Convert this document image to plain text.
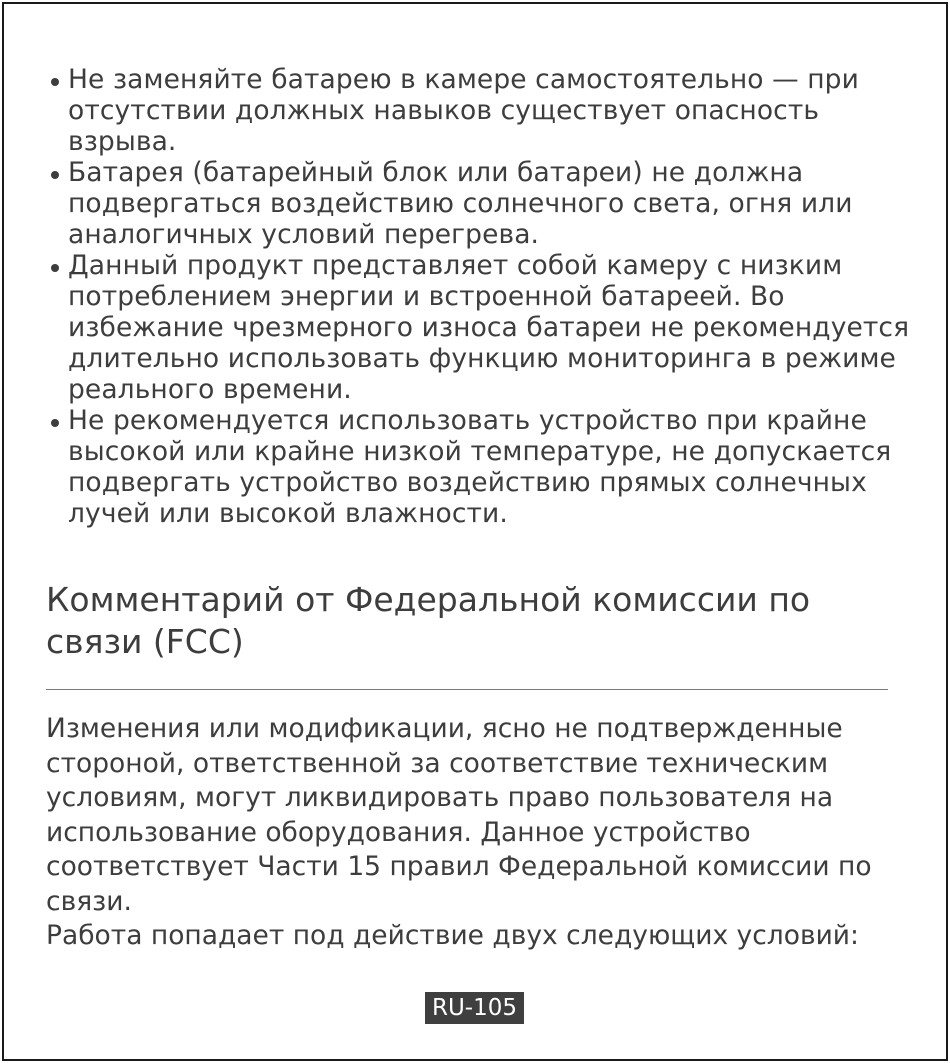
Не заменяйте батарею в камере самостоятельно — при отсутствии должных навыков существует опасность взрыва.
Батарея (батарейный блок или батареи) не должна подвергаться воздействию солнечного света, огня или аналогичных условий перегрева.
Данный продукт представляет собой камеру с низким потреблением энергии и встроенной батареей. Во избежание чрезмерного износа батареи не рекомендуется длительно использовать функцию мониторинга в режиме реального времени.
Не рекомендуется использовать устройство при крайне высокой или крайне низкой температуре, не допускается подвергать устройство воздействию прямых солнечных лучей или высокой влажности.
Комментарий от Федеральной комиссии по связи (FCC)

Изменения или модификации, ясно не подтвержденные стороной, ответственной за соответствие техническим условиям, могут ликвидировать право пользователя на использование оборудования. Данное устройство соответствует Части 15 правил Федеральной комиссии по связи.

Работа попадает под действие двух следующих условий:

RU-105
